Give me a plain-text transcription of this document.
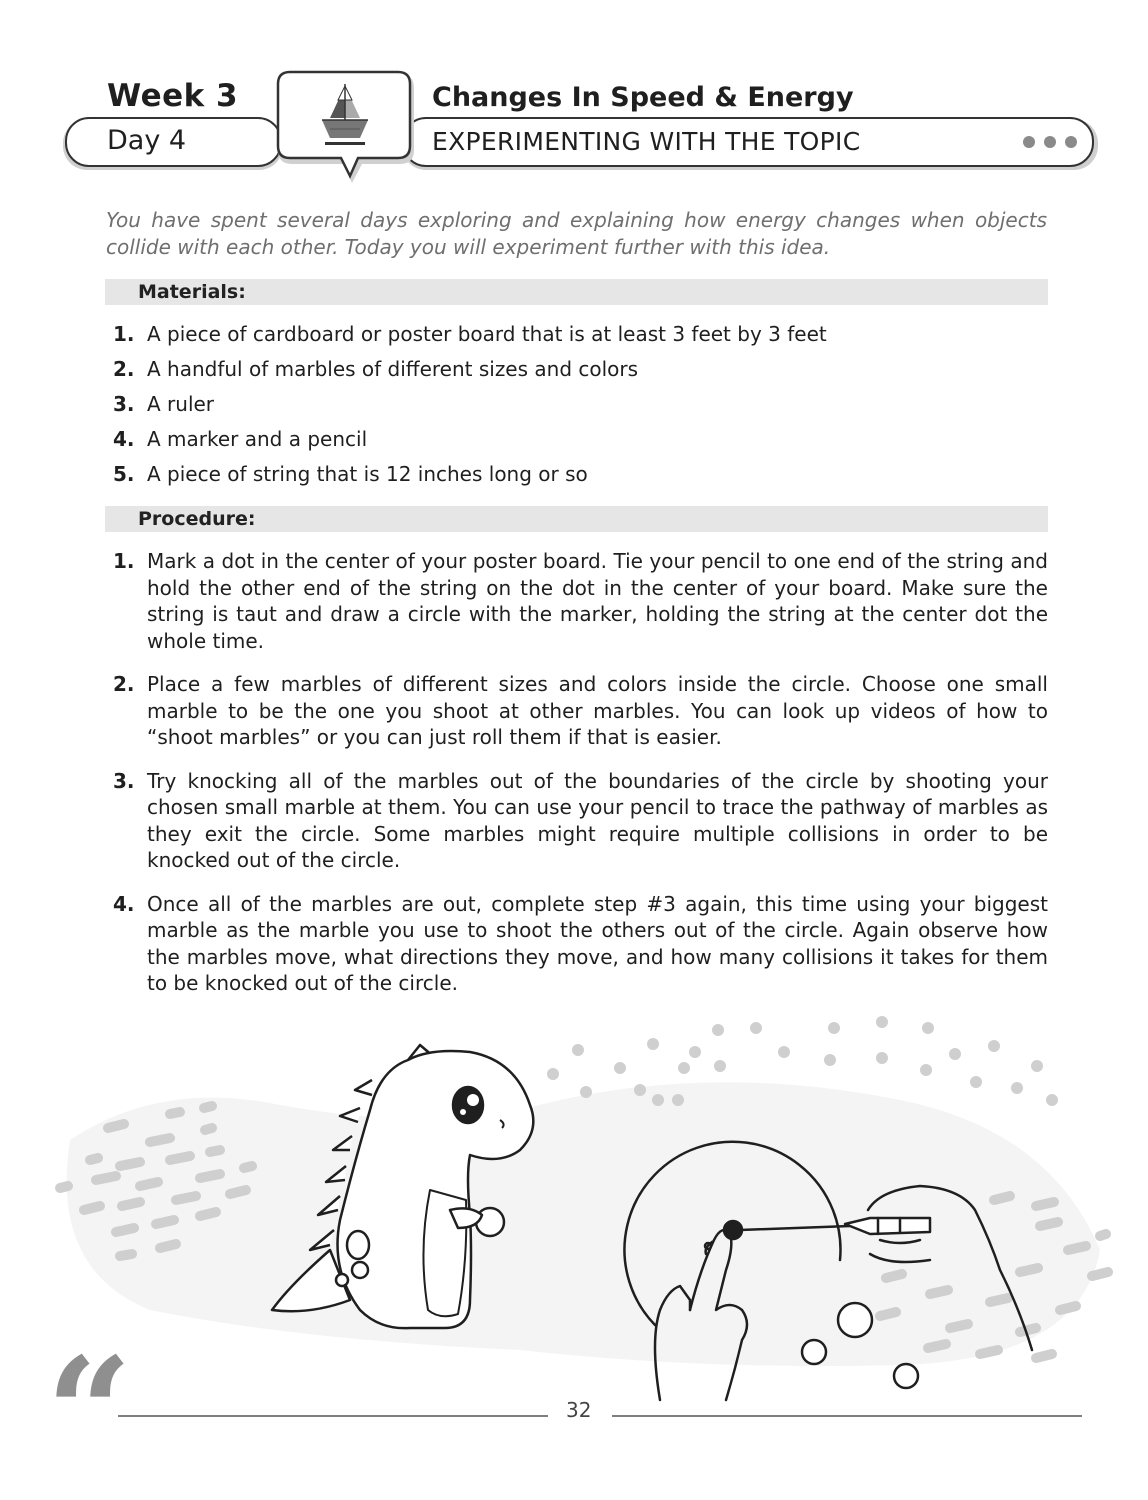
Week 3
Day 4
Changes In Speed & Energy
EXPERIMENTING WITH THE TOPIC
You have spent several days exploring and explaining how energy changes when objects collide with each other. Today you will experiment further with this idea.
Materials:
1. A piece of cardboard or poster board that is at least 3 feet by 3 feet
2. A handful of marbles of different sizes and colors
3. A ruler
4. A marker and a pencil
5. A piece of string that is 12 inches long or so
Procedure:
1. Mark a dot in the center of your poster board. Tie your pencil to one end of the string and hold the other end of the string on the dot in the center of your board. Make sure the string is taut and draw a circle with the marker, holding the string at the center dot the whole time.
2. Place a few marbles of different sizes and colors inside the circle. Choose one small marble to be the one you shoot at other marbles. You can look up videos of how to “shoot marbles” or you can just roll them if that is easier.
3. Try knocking all of the marbles out of the boundaries of the circle by shooting your chosen small marble at them. You can use your pencil to trace the pathway of marbles as they exit the circle. Some marbles might require multiple collisions in order to be knocked out of the circle.
4. Once all of the marbles are out, complete step #3 again, this time using your biggest marble as the marble you use to shoot the others out of the circle. Again observe how the marbles move, what directions they move, and how many collisions it takes for them to be knocked out of the circle.
“	32
